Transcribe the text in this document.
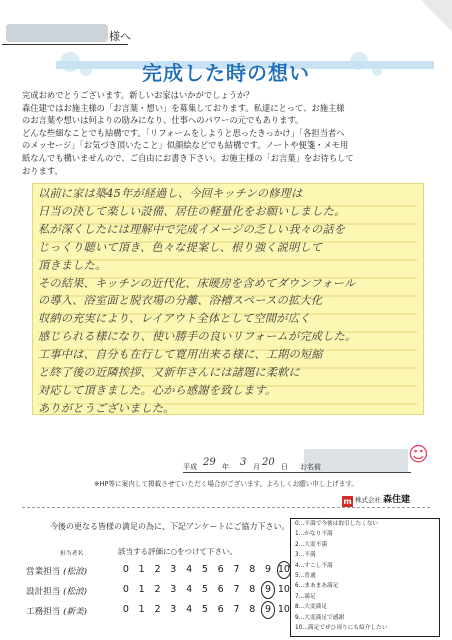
様へ
完成した時の想い
完成おめでとうございます。新しいお家はいかがでしょうか？
森住建ではお施主様の「お言葉・想い」を募集しております。私達にとって、お施主様
のお言葉や想いは何よりの励みになり、仕事へのパワーの元でもあります。
どんな些細なことでも結構です。「リフォームをしようと思ったきっかけ」「各担当者へ
のメッセージ」「お気づき頂いたこと」似顔絵などでも結構です。ノートや便箋・メモ用
紙なんでも構いませんので、ご自由にお書き下さい。お施主様の「お言葉」をお待ちして
おります。
以前に家は築45年が経過し、今回キッチンの修理は
日当の決して楽しい設備、居住の軽量化をお願いしました。
私が深くしたには理解中で完成イメージの乏しい我々の話を
じっくり聴いて頂き、色々な提案し、根り強く説明して
頂きました。
その結果、キッチンの近代化、床暖房を含めてダウンフォール
の導入、浴室面と脱衣場の分離、浴槽スペースの拡大化
収納の充実により、レイアウト全体として空間が広く
感じられる様になり、使い勝手の良いリフォームが完成した。
工事中は、自分も在行して寛用出来る様に、工期の短縮
と終了後の近隣挨拶、又新年さんには諸題に柔軟に
対応して頂きました。心から感謝を致します。
ありがとうございました。
平成 29 年 3 月 20 日 お名前
☺
※HP等に案内して掲載させていただく場合がございます。よろしくお願い申し上げます。
m 株式会社 森住建
今後の更なる皆様の満足の為に、下記アンケートにご協力下さい。
担当者名	該当する評価に○をつけて下さい。
営業担当 (松浪)	0 1 2 3 4 5 6 7 8 9 10
設計担当 (松浪)	0 1 2 3 4 5 6 7 8 9 10
工務担当 (新美)	0 1 2 3 4 5 6 7 8 9 10
0…不満で今後は取引したくない
1…かなり不満
2…大変不満
3…不満
4…すこし不満
5…普通
6…まあまあ満足
7…満足
8…大変満足
9…大変満足で感謝
10…満足でぜひ周りにも紹介したい
